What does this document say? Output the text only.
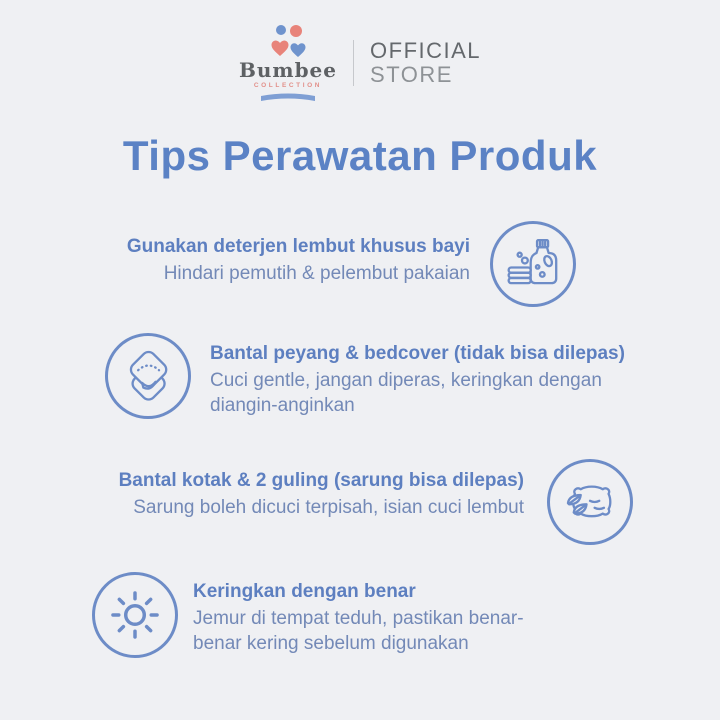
Bumbee
COLLECTION
OFFICIAL
STORE
Tips Perawatan Produk
Gunakan deterjen lembut khusus bayi
Hindari pemutih & pelembut pakaian
Bantal peyang & bedcover (tidak bisa dilepas)
Cuci gentle, jangan diperas, keringkan dengan
diangin-anginkan
Bantal kotak & 2 guling (sarung bisa dilepas)
Sarung boleh dicuci terpisah, isian cuci lembut
Keringkan dengan benar
Jemur di tempat teduh, pastikan benar-
benar kering sebelum digunakan
